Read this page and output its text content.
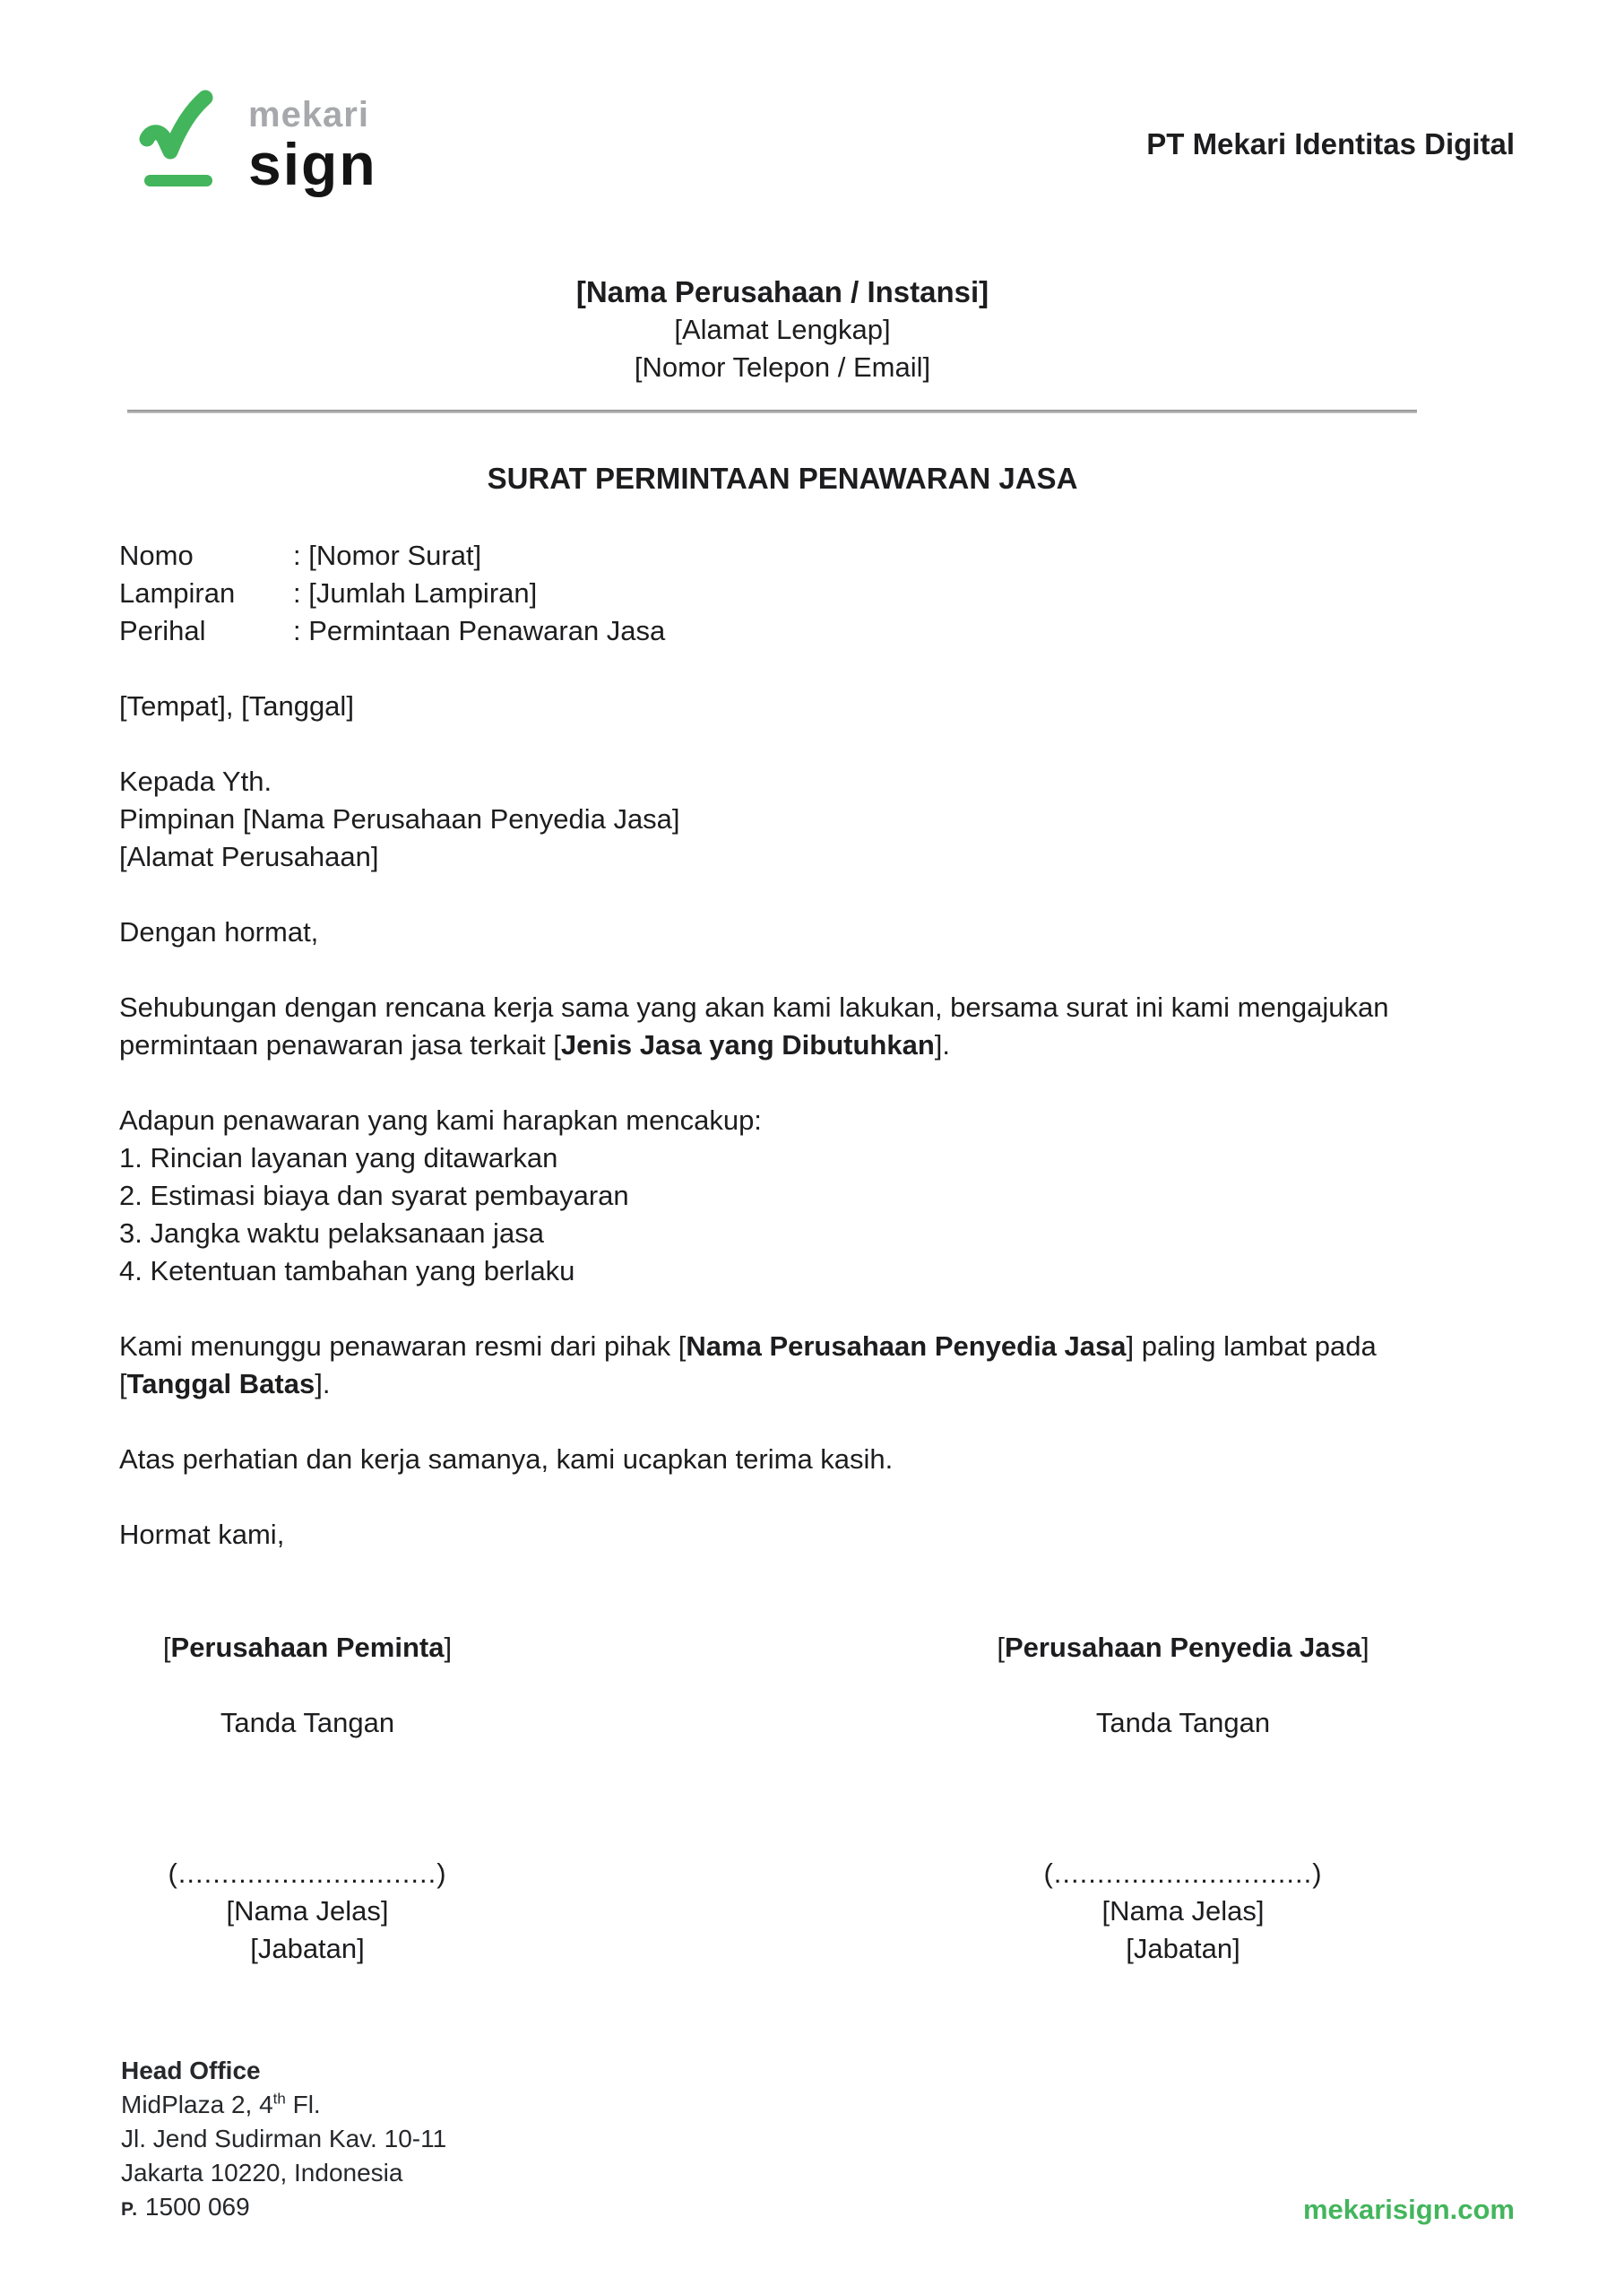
mekari
sign	PT Mekari Identitas Digital
[Nama Perusahaan / Instansi]
[Alamat Lengkap]
[Nomor Telepon / Email]
SURAT PERMINTAAN PENAWARAN JASA
Nomo	: [Nomor Surat]
Lampiran	: [Jumlah Lampiran]
Perihal	: Permintaan Penawaran Jasa

[Tempat], [Tanggal]

Kepada Yth.
Pimpinan [Nama Perusahaan Penyedia Jasa]
[Alamat Perusahaan]

Dengan hormat,

Sehubungan dengan rencana kerja sama yang akan kami lakukan, bersama surat ini kami mengajukan permintaan penawaran jasa terkait [Jenis Jasa yang Dibutuhkan].

Adapun penawaran yang kami harapkan mencakup:
1. Rincian layanan yang ditawarkan
2. Estimasi biaya dan syarat pembayaran
3. Jangka waktu pelaksanaan jasa
4. Ketentuan tambahan yang berlaku

Kami menunggu penawaran resmi dari pihak [Nama Perusahaan Penyedia Jasa] paling lambat pada [Tanggal Batas].

Atas perhatian dan kerja samanya, kami ucapkan terima kasih.

Hormat kami,

[Perusahaan Peminta]
Tanda Tangan
(..............................)
[Nama Jelas]
[Jabatan]
[Perusahaan Penyedia Jasa]
Tanda Tangan
(..............................)
[Nama Jelas]
[Jabatan]
Head Office
MidPlaza 2, 4th Fl.
Jl. Jend Sudirman Kav. 10-11
Jakarta 10220, Indonesia
P. 1500 069	mekarisign.com
